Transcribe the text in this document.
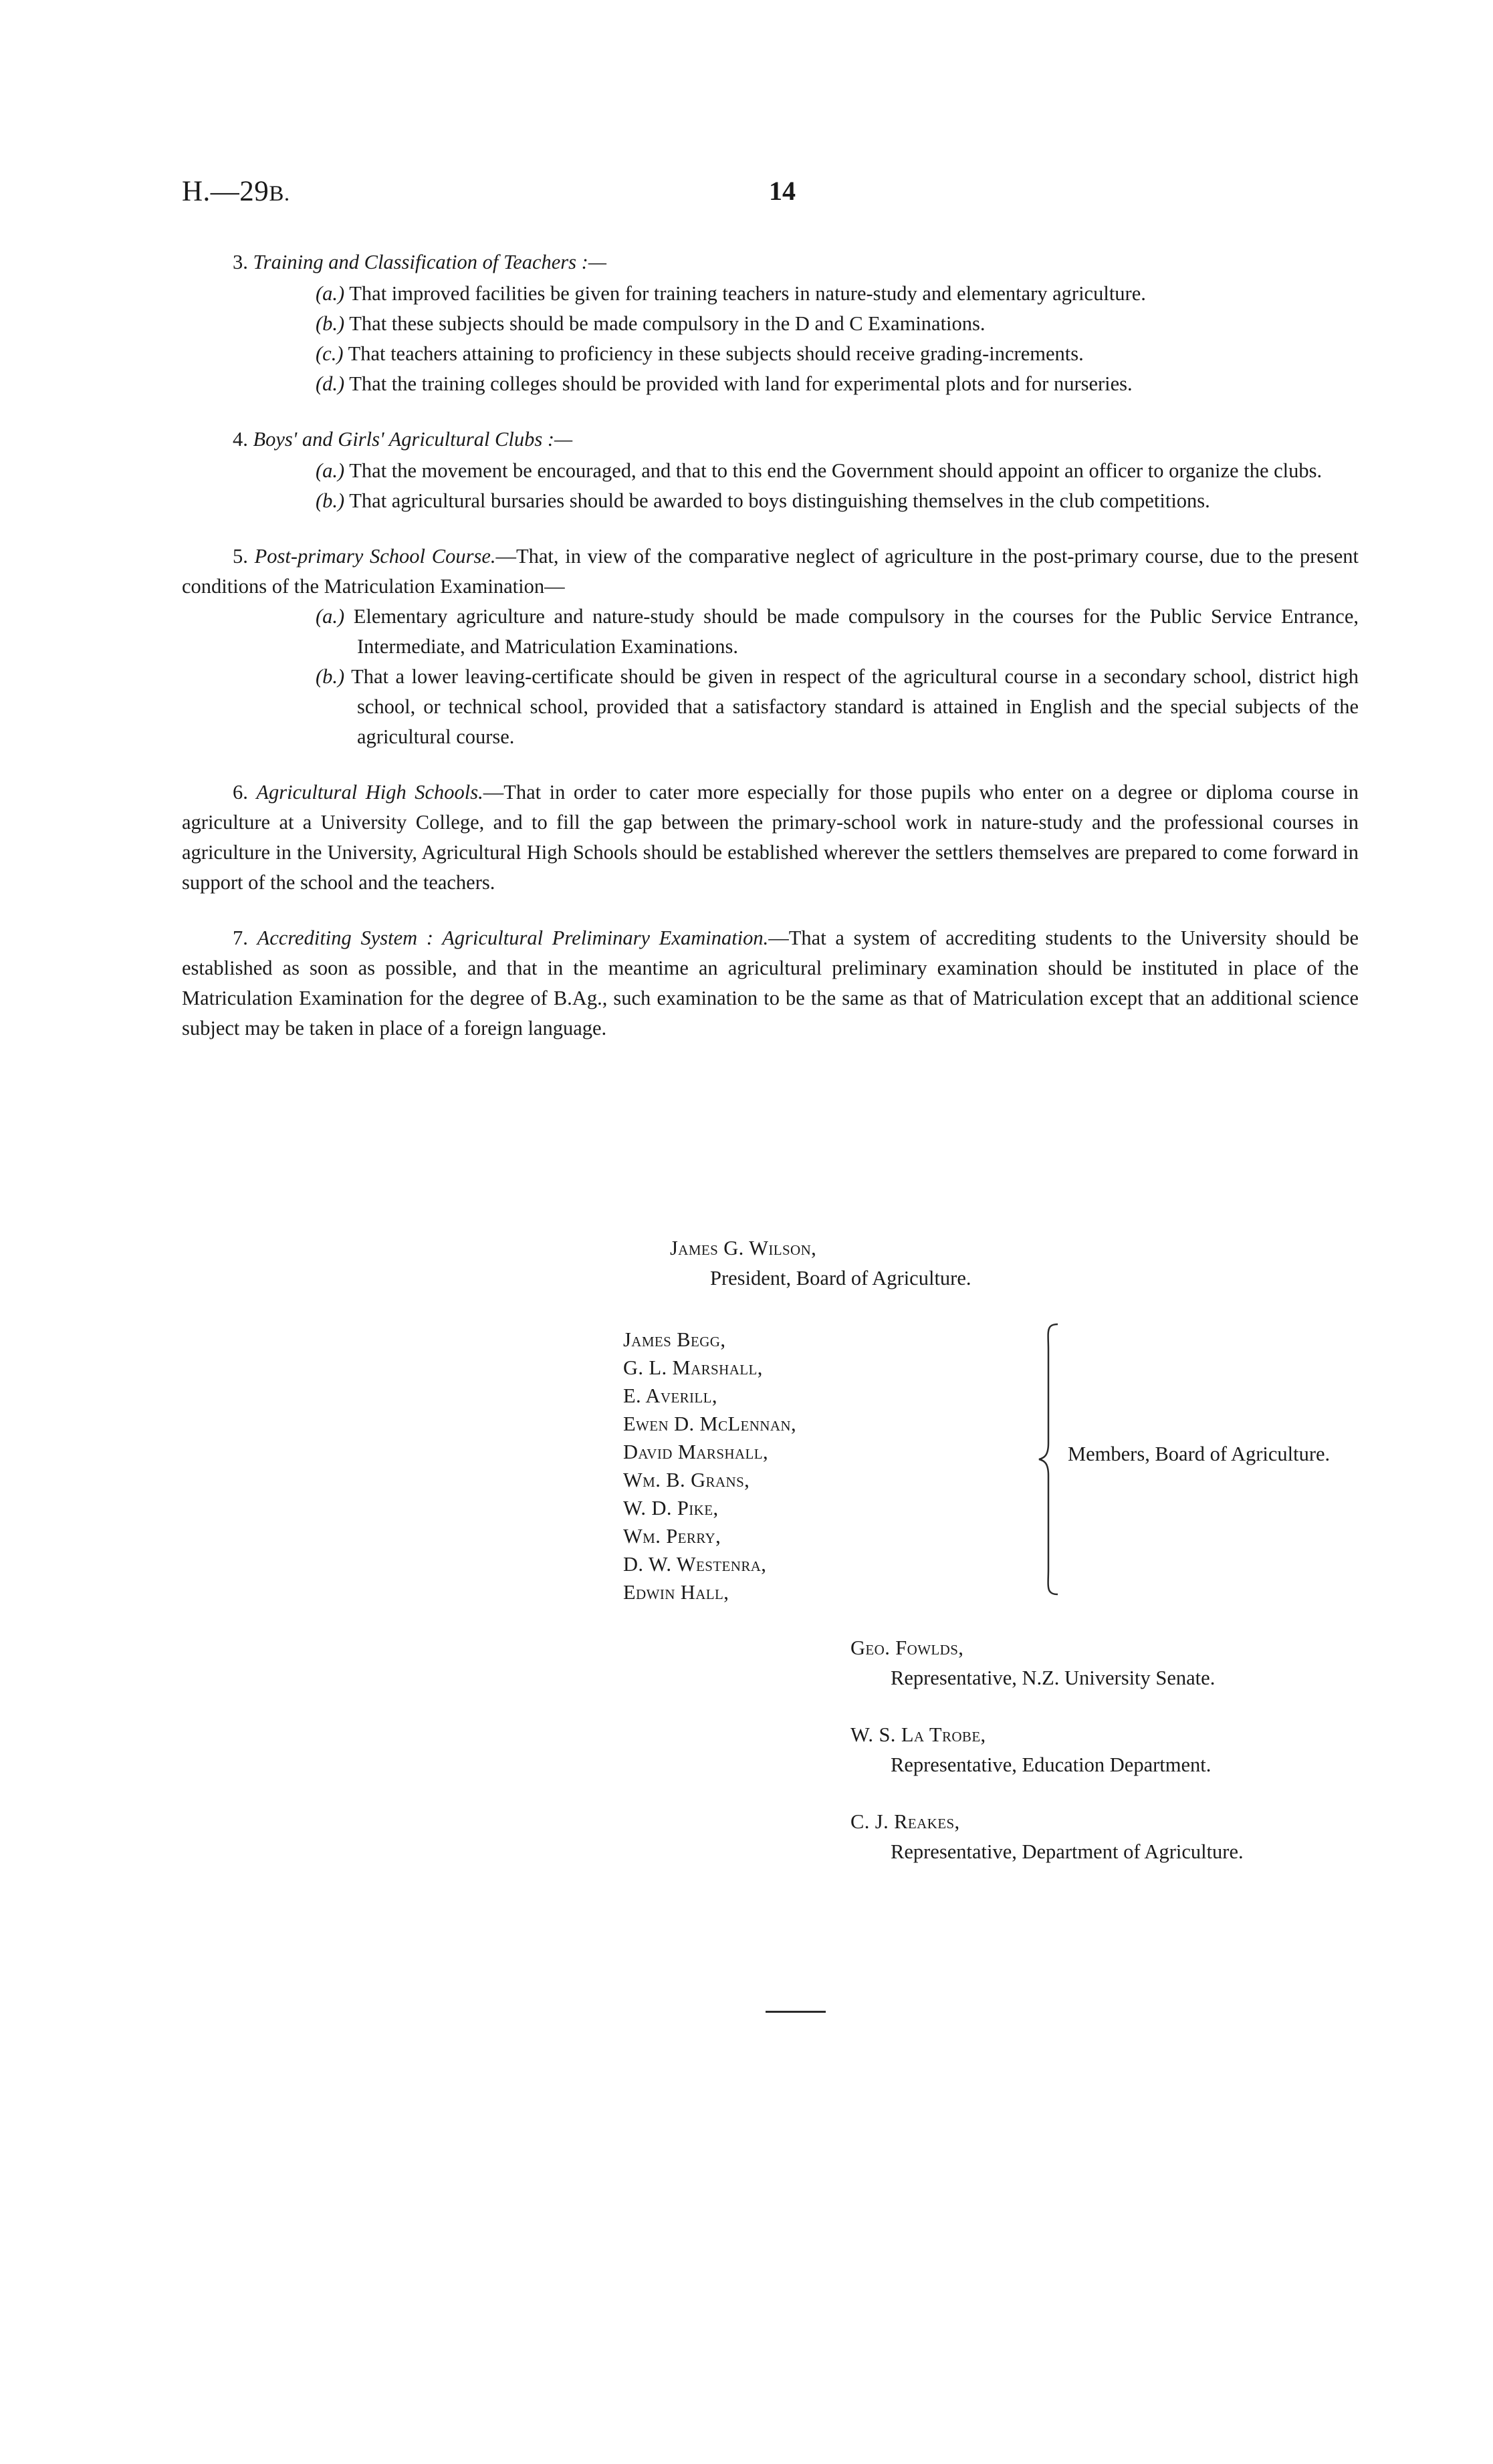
H.—29B.	14
3. Training and Classification of Teachers :—
(a.) That improved facilities be given for training teachers in nature-study and elementary agriculture.
(b.) That these subjects should be made compulsory in the D and C Examinations.
(c.) That teachers attaining to proficiency in these subjects should receive grading-increments.
(d.) That the training colleges should be provided with land for experimental plots and for nurseries.
4. Boys' and Girls' Agricultural Clubs :—
(a.) That the movement be encouraged, and that to this end the Government should appoint an officer to organize the clubs.
(b.) That agricultural bursaries should be awarded to boys distinguishing themselves in the club competitions.
5. Post-primary School Course.—That, in view of the comparative neglect of agriculture in the post-primary course, due to the present conditions of the Matriculation Examination—
(a.) Elementary agriculture and nature-study should be made compulsory in the courses for the Public Service Entrance, Intermediate, and Matriculation Examinations.
(b.) That a lower leaving-certificate should be given in respect of the agricultural course in a secondary school, district high school, or technical school, provided that a satisfactory standard is attained in English and the special subjects of the agricultural course.
6. Agricultural High Schools.—That in order to cater more especially for those pupils who enter on a degree or diploma course in agriculture at a University College, and to fill the gap between the primary-school work in nature-study and the professional courses in agriculture in the University, Agricultural High Schools should be established wherever the settlers themselves are prepared to come forward in support of the school and the teachers.
7. Accrediting System : Agricultural Preliminary Examination.—That a system of accrediting students to the University should be established as soon as possible, and that in the meantime an agricultural preliminary examination should be instituted in place of the Matriculation Examination for the degree of B.Ag., such examination to be the same as that of Matriculation except that an additional science subject may be taken in place of a foreign language.
James G. Wilson,
President, Board of Agriculture.
James Begg,
G. L. Marshall,
E. Averill,
Ewen D. McLennan,
David Marshall,
Wm. B. Grans,
W. D. Pike,
Wm. Perry,
D. W. Westenra,
Edwin Hall,
Members, Board of Agriculture.
Geo. Fowlds,
Representative, N.Z. University Senate.
W. S. La Trobe,
Representative, Education Department.
C. J. Reakes,
Representative, Department of Agriculture.
